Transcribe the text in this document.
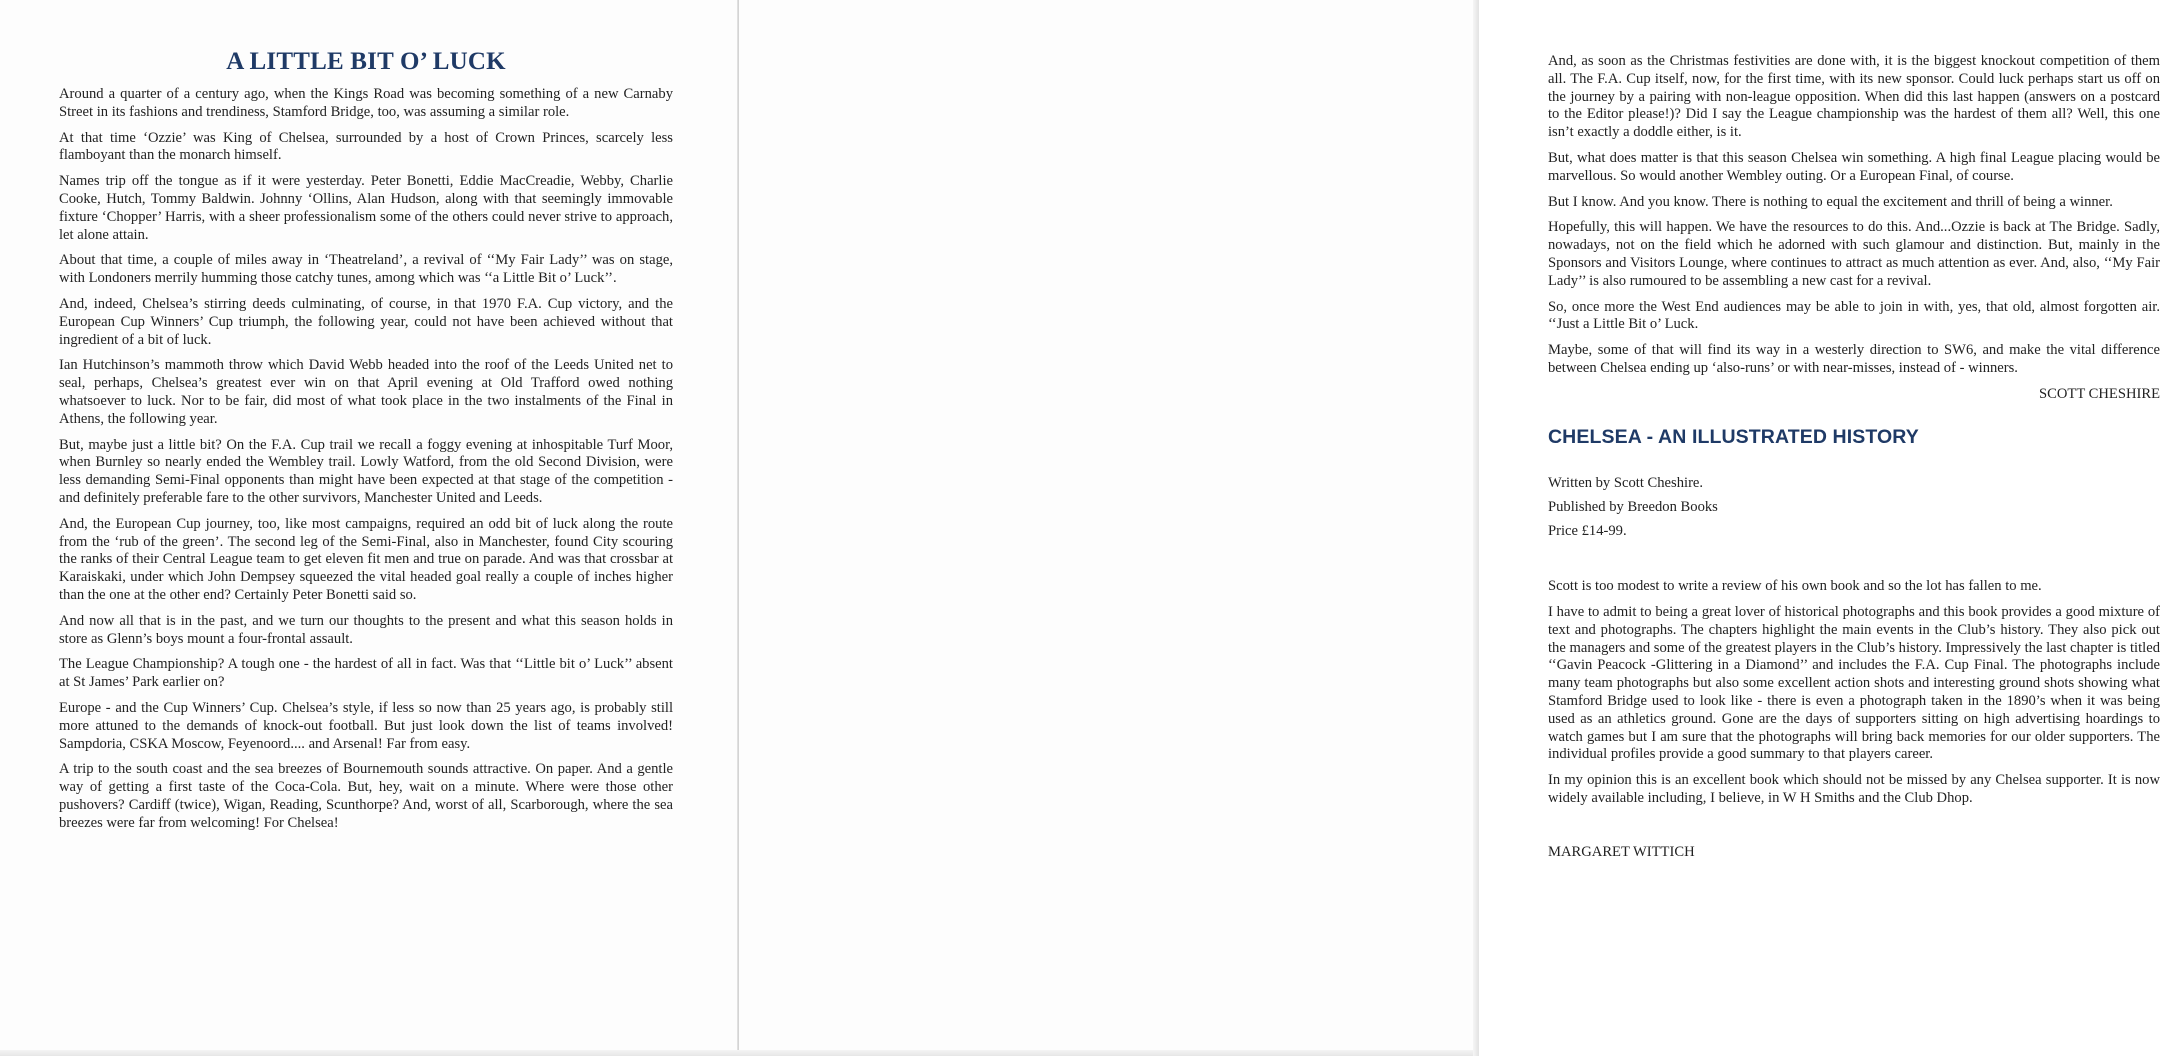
A LITTLE BIT O’ LUCK

Around a quarter of a century ago, when the Kings Road was becoming something of a new Carnaby Street in its fashions and trendiness, Stamford Bridge, too, was assuming a similar role.

At that time ‘Ozzie’ was King of Chelsea, surrounded by a host of Crown Princes, scarcely less flamboyant than the monarch himself.

Names trip off the tongue as if it were yesterday. Peter Bonetti, Eddie MacCreadie, Webby, Charlie Cooke, Hutch, Tommy Baldwin. Johnny ‘Ollins, Alan Hudson, along with that seemingly immovable fixture ‘Chopper’ Harris, with a sheer professionalism some of the others could never strive to approach, let alone attain.

About that time, a couple of miles away in ‘Theatreland’, a revival of ‘‘My Fair Lady’’ was on stage, with Londoners merrily humming those catchy tunes, among which was ‘‘a Little Bit o’ Luck’’.

And, indeed, Chelsea’s stirring deeds culminating, of course, in that 1970 F.A. Cup victory, and the European Cup Winners’ Cup triumph, the following year, could not have been achieved without that ingredient of a bit of luck.

Ian Hutchinson’s mammoth throw which David Webb headed into the roof of the Leeds United net to seal, perhaps, Chelsea’s greatest ever win on that April evening at Old Trafford owed nothing whatsoever to luck. Nor to be fair, did most of what took place in the two instalments of the Final in Athens, the following year.

But, maybe just a little bit? On the F.A. Cup trail we recall a foggy evening at inhospitable Turf Moor, when Burnley so nearly ended the Wembley trail. Lowly Watford, from the old Second Division, were less demanding Semi-Final opponents than might have been expected at that stage of the competition - and definitely preferable fare to the other survivors, Manchester United and Leeds.

And, the European Cup journey, too, like most campaigns, required an odd bit of luck along the route from the ‘rub of the green’. The second leg of the Semi-Final, also in Manchester, found City scouring the ranks of their Central League team to get eleven fit men and true on parade. And was that crossbar at Karaiskaki, under which John Dempsey squeezed the vital headed goal really a couple of inches higher than the one at the other end? Certainly Peter Bonetti said so.

And now all that is in the past, and we turn our thoughts to the present and what this season holds in store as Glenn’s boys mount a four-frontal assault.

The League Championship? A tough one - the hardest of all in fact. Was that ‘‘Little bit o’ Luck’’ absent at St James’ Park earlier on?

Europe - and the Cup Winners’ Cup. Chelsea’s style, if less so now than 25 years ago, is probably still more attuned to the demands of knock-out football. But just look down the list of teams involved! Sampdoria, CSKA Moscow, Feyenoord.... and Arsenal! Far from easy.

A trip to the south coast and the sea breezes of Bournemouth sounds attractive. On paper. And a gentle way of getting a first taste of the Coca-Cola. But, hey, wait on a minute. Where were those other pushovers? Cardiff (twice), Wigan, Reading, Scunthorpe? And, worst of all, Scarborough, where the sea breezes were far from welcoming! For Chelsea!

And, as soon as the Christmas festivities are done with, it is the biggest knockout competition of them all. The F.A. Cup itself, now, for the first time, with its new sponsor. Could luck perhaps start us off on the journey by a pairing with non-league opposition. When did this last happen (answers on a postcard to the Editor please!)? Did I say the League championship was the hardest of them all? Well, this one isn’t exactly a doddle either, is it.

But, what does matter is that this season Chelsea win something. A high final League placing would be marvellous. So would another Wembley outing. Or a European Final, of course.

But I know. And you know. There is nothing to equal the excitement and thrill of being a winner.

Hopefully, this will happen. We have the resources to do this. And...Ozzie is back at The Bridge. Sadly, nowadays, not on the field which he adorned with such glamour and distinction. But, mainly in the Sponsors and Visitors Lounge, where continues to attract as much attention as ever. And, also, ‘‘My Fair Lady’’ is also rumoured to be assembling a new cast for a revival.

So, once more the West End audiences may be able to join in with, yes, that old, almost forgotten air. ‘‘Just a Little Bit o’ Luck.

Maybe, some of that will find its way in a westerly direction to SW6, and make the vital difference between Chelsea ending up ‘also-runs’ or with near-misses, instead of - winners.

SCOTT CHESHIRE
CHELSEA - AN ILLUSTRATED HISTORY
Written by Scott Cheshire.
Published by Breedon Books
Price £14-99.

Scott is too modest to write a review of his own book and so the lot has fallen to me.

I have to admit to being a great lover of historical photographs and this book provides a good mixture of text and photographs. The chapters highlight the main events in the Club’s history. They also pick out the managers and some of the greatest players in the Club’s history. Impressively the last chapter is titled ‘‘Gavin Peacock -Glittering in a Diamond’’ and includes the F.A. Cup Final. The photographs include many team photographs but also some excellent action shots and interesting ground shots showing what Stamford Bridge used to look like - there is even a photograph taken in the 1890’s when it was being used as an athletics ground. Gone are the days of supporters sitting on high advertising hoardings to watch games but I am sure that the photographs will bring back memories for our older supporters. The individual profiles provide a good summary to that players career.

In my opinion this is an excellent book which should not be missed by any Chelsea supporter. It is now widely available including, I believe, in W H Smiths and the Club Dhop.

MARGARET WITTICH
